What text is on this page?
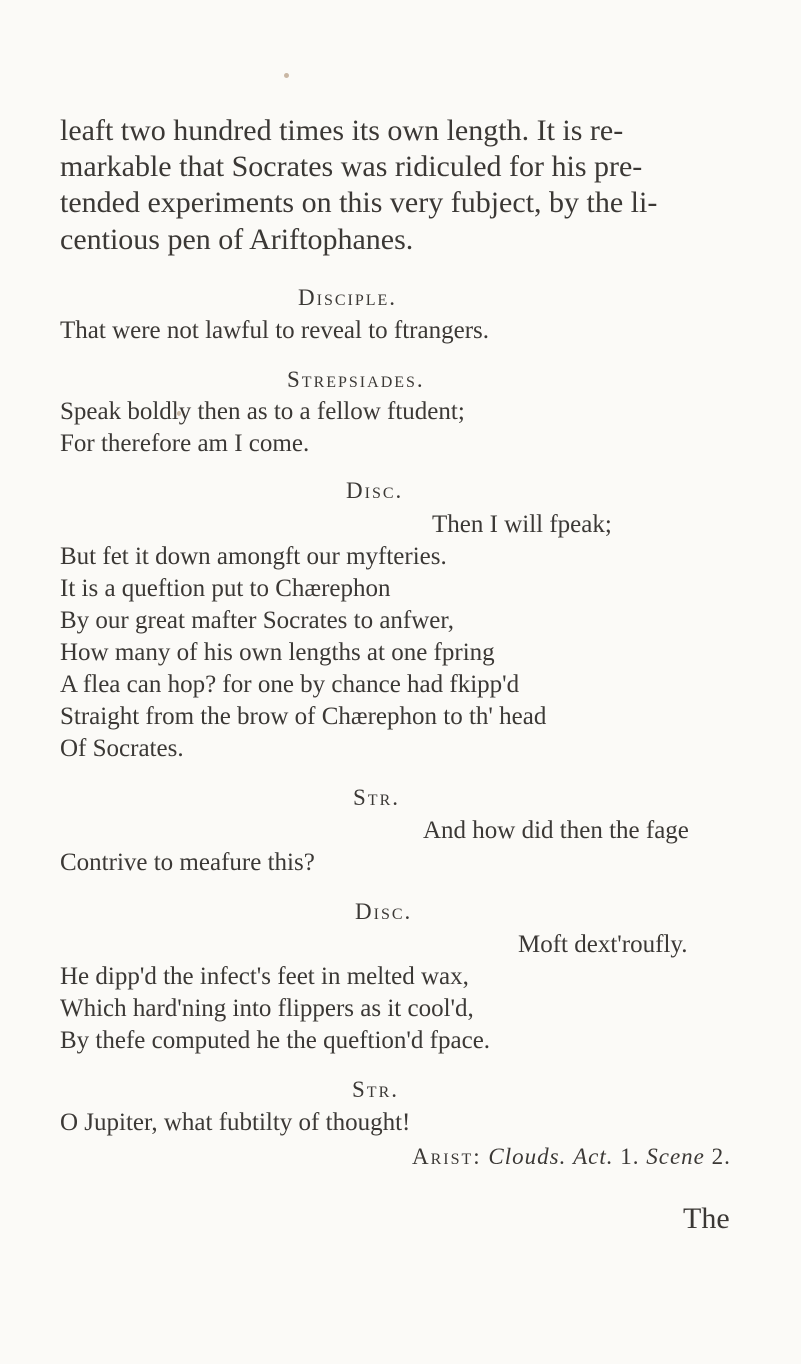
leaft two hundred times its own length. It is re-
markable that Socrates was ridiculed for his pre-
tended experiments on this very fubject, by the li-
centious pen of Ariftophanes.
Disciple.
That were not lawful to reveal to ftrangers.
Strepsiades.
Speak boldly then as to a fellow ftudent;
For therefore am I come.
Disc.
Then I will fpeak;
But fet it down amongft our myfteries.
It is a queftion put to Chærephon
By our great mafter Socrates to anfwer,
How many of his own lengths at one fpring
A flea can hop? for one by chance had fkipp'd
Straight from the brow of Chærephon to th' head
Of Socrates.
Str.
And how did then the fage
Contrive to meafure this?
Disc.
Moft dext'roufly.
He dipp'd the infect's feet in melted wax,
Which hard'ning into flippers as it cool'd,
By thefe computed he the queftion'd fpace.
Str.
O Jupiter, what fubtilty of thought!
Arist: Clouds. Act. 1. Scene 2.
The
